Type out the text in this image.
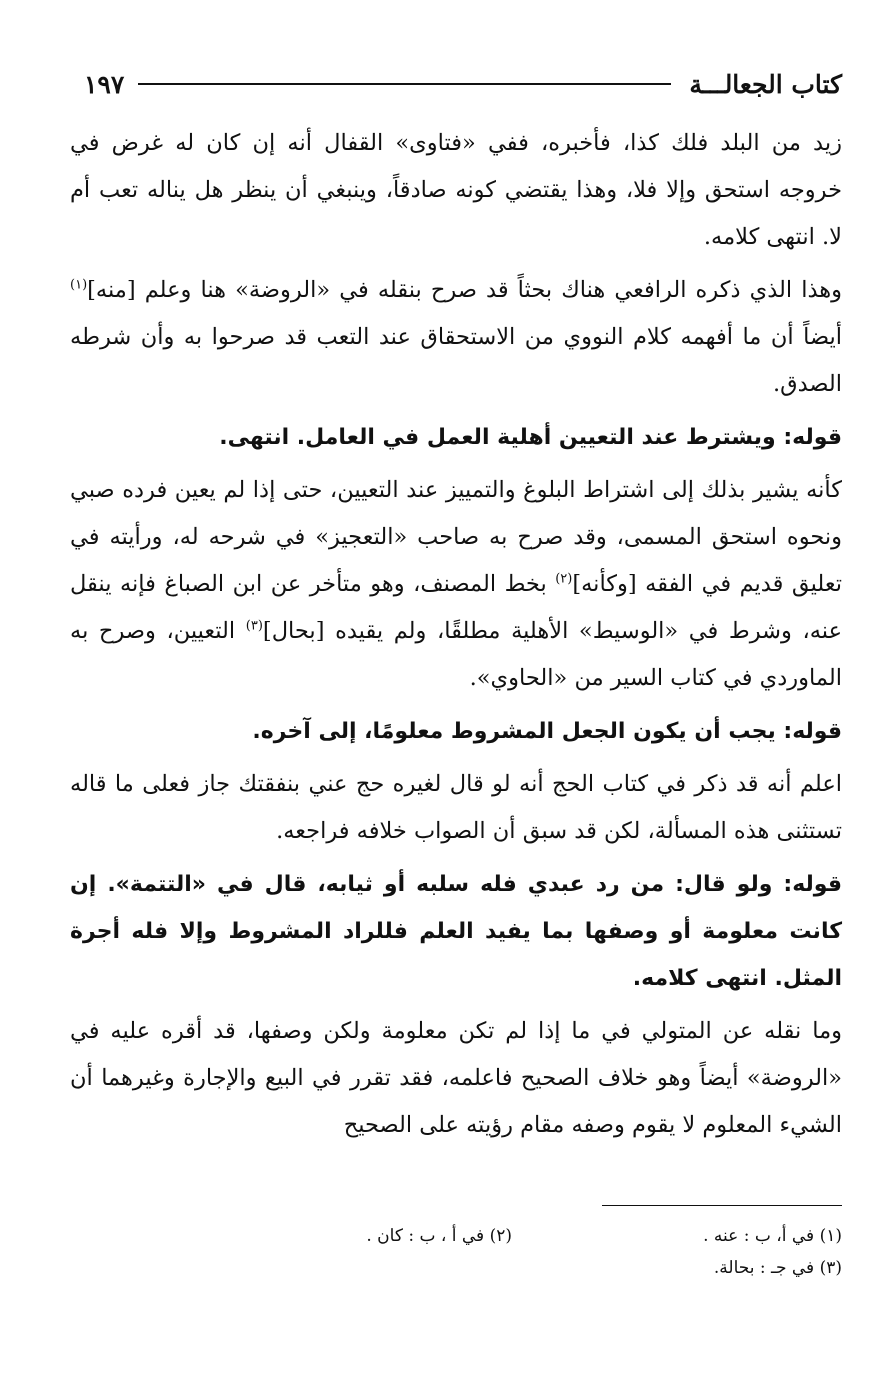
كتاب الجعالـــة
١٩٧

زيد من البلد فلك كذا، فأخبره، ففي «فتاوى» القفال أنه إن كان له غرض في خروجه استحق وإلا فلا، وهذا يقتضي كونه صادقاً، وينبغي أن ينظر هل يناله تعب أم لا. انتهى كلامه.

وهذا الذي ذكره الرافعي هناك بحثاً قد صرح بنقله في «الروضة» هنا وعلم [منه]$^{(١)}$ أيضاً أن ما أفهمه كلام النووي من الاستحقاق عند التعب قد صرحوا به وأن شرطه الصدق.

قوله: ويشترط عند التعيين أهلية العمل في العامل. انتهى.

كأنه يشير بذلك إلى اشتراط البلوغ والتمييز عند التعيين، حتى إذا لم يعين فرده صبي ونحوه استحق المسمى، وقد صرح به صاحب «التعجيز» في شرحه له، ورأيته في تعليق قديم في الفقه [وكأنه]$^{(٢)}$ بخط المصنف، وهو متأخر عن ابن الصباغ فإنه ينقل عنه، وشرط في «الوسيط» الأهلية مطلقًا، ولم يقيده [بحال]$^{(٣)}$ التعيين، وصرح به الماوردي في كتاب السير من «الحاوي».

قوله: يجب أن يكون الجعل المشروط معلومًا، إلى آخره.

اعلم أنه قد ذكر في كتاب الحج أنه لو قال لغيره حج عني بنفقتك جاز فعلى ما قاله تستثنى هذه المسألة، لكن قد سبق أن الصواب خلافه فراجعه.

قوله: ولو قال: من رد عبدي فله سلبه أو ثيابه، قال في «التتمة». إن كانت معلومة أو وصفها بما يفيد العلم فللراد المشروط وإلا فله أجرة المثل. انتهى كلامه.

وما نقله عن المتولي في ما إذا لم تكن معلومة ولكن وصفها، قد أقره عليه في «الروضة» أيضاً وهو خلاف الصحيح فاعلمه، فقد تقرر في البيع والإجارة وغيرهما أن الشيء المعلوم لا يقوم وصفه مقام رؤيته على الصحيح

(١) في أ، ب : عنه .
(٢) في أ ، ب : كان .
(٣) في جـ : بحالة.
